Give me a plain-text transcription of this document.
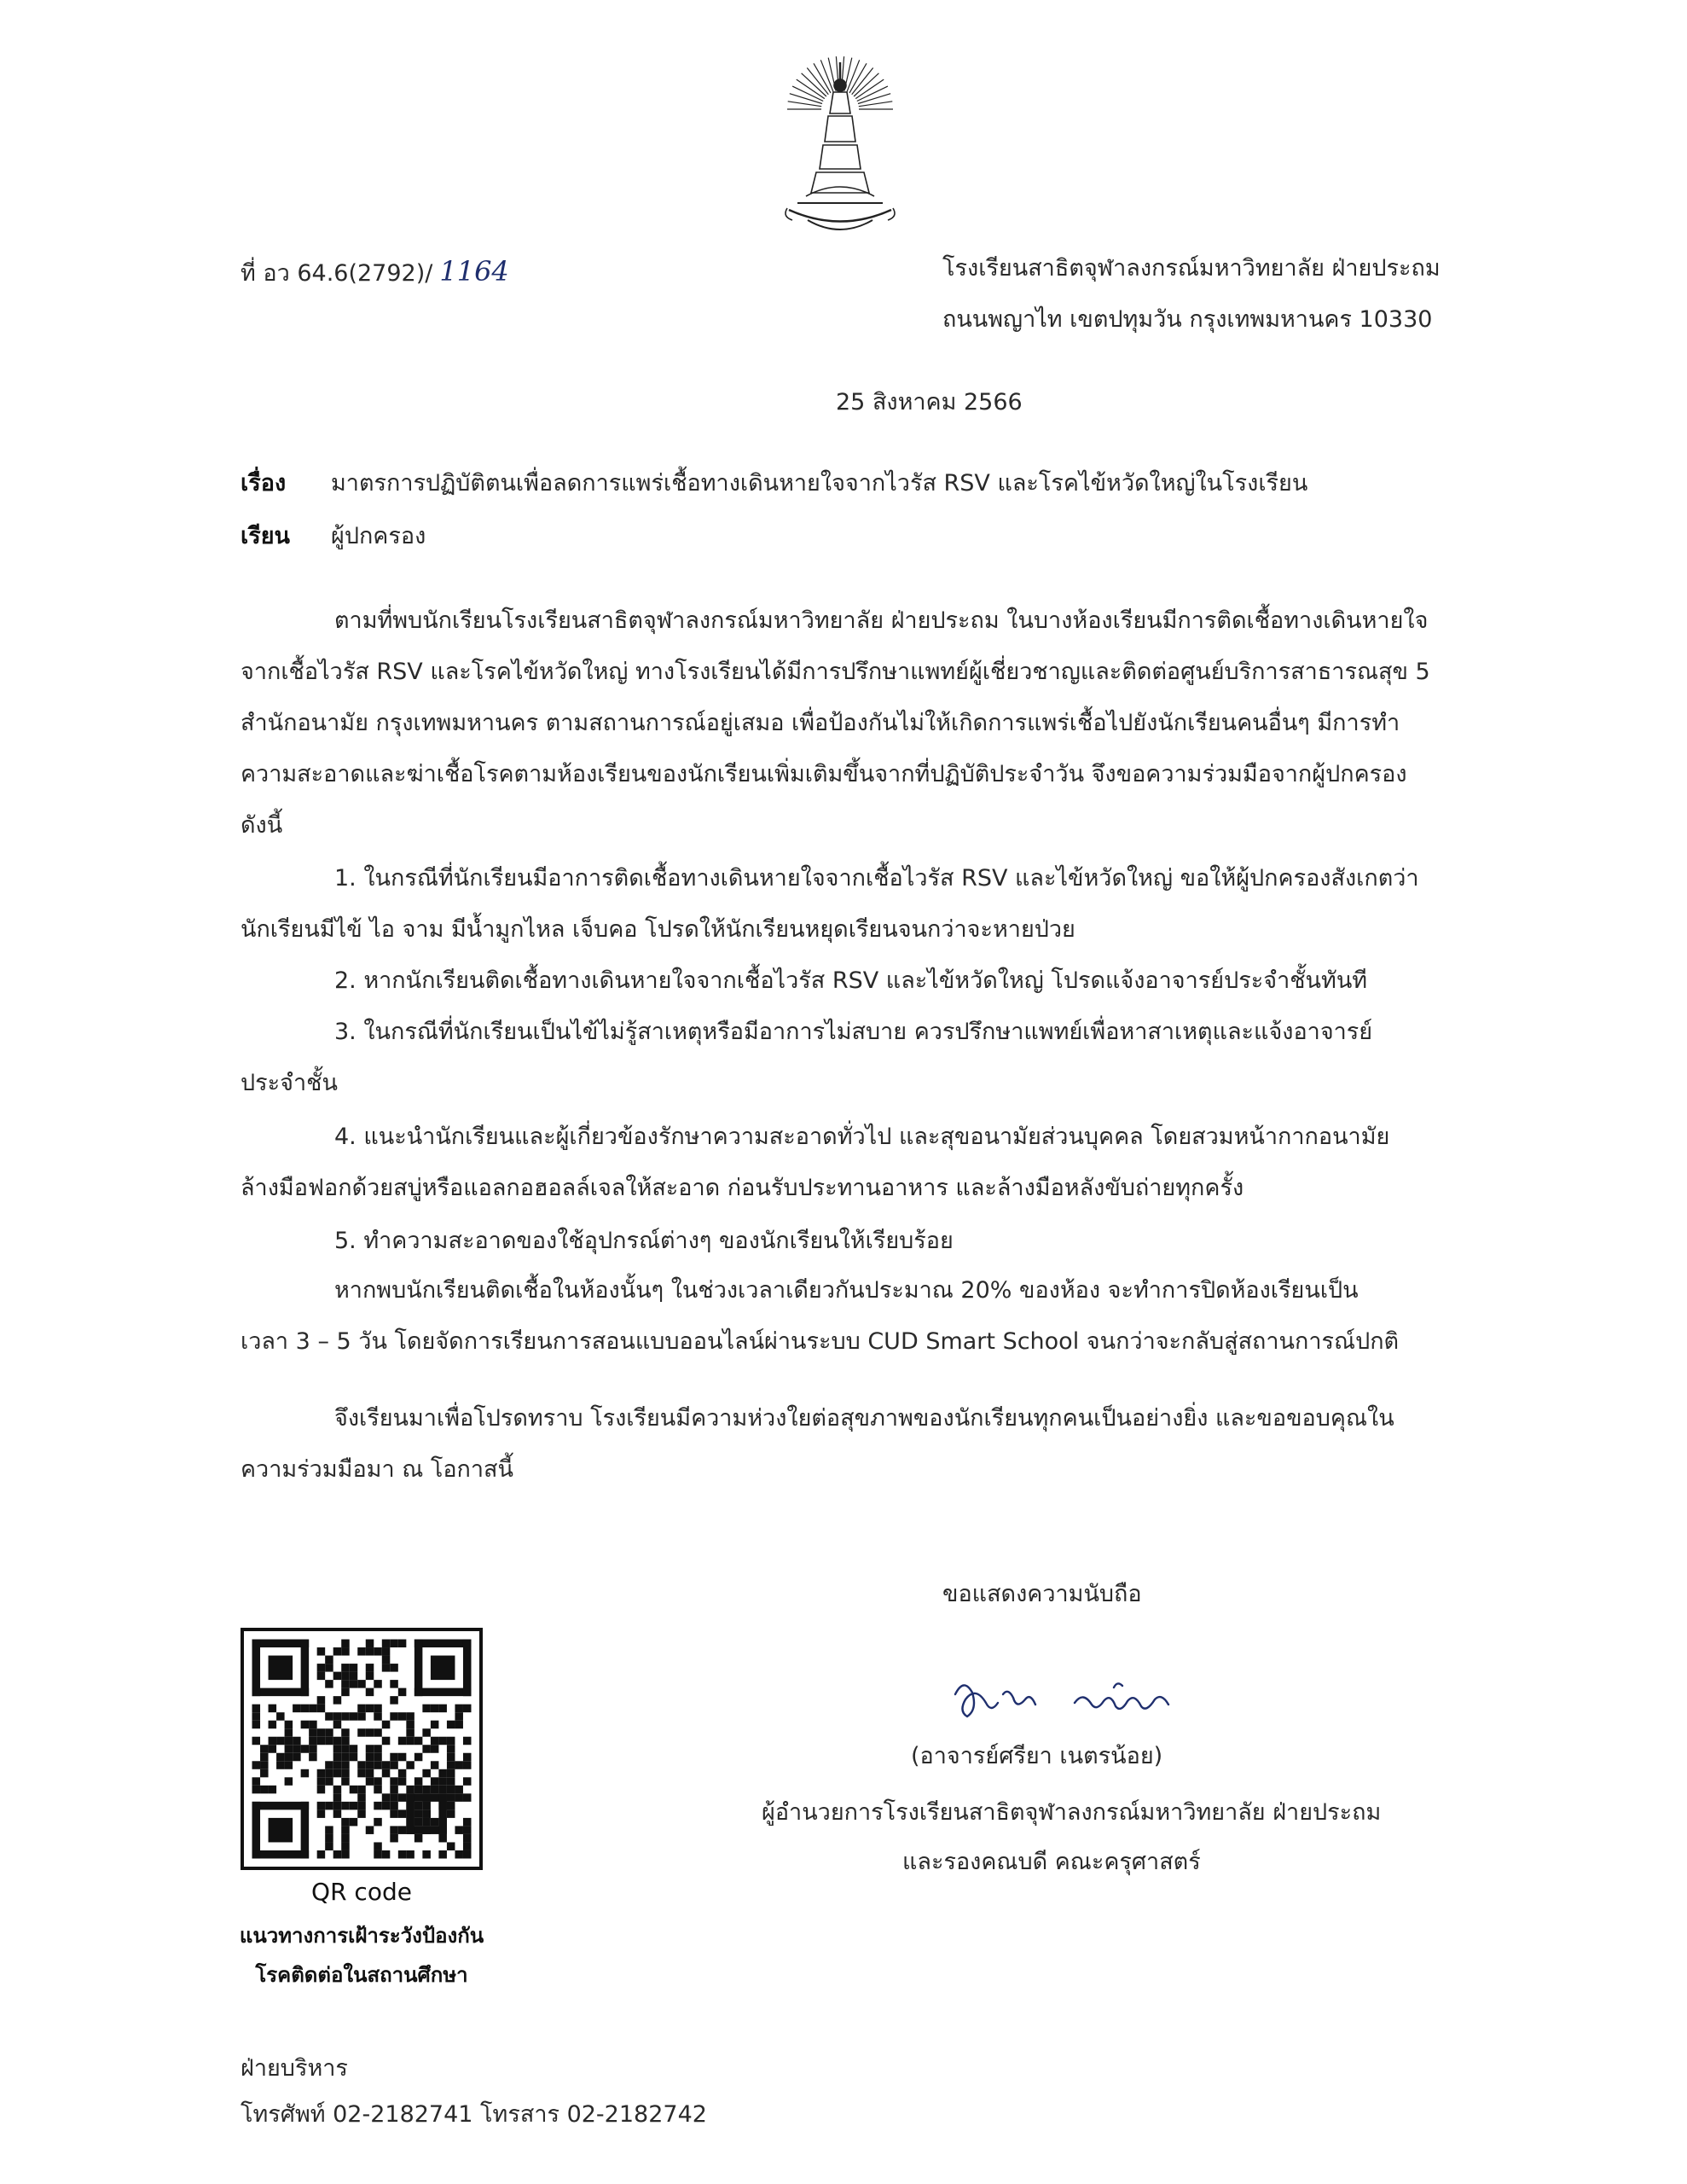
ที่ อว 64.6(2792)/ 1164	โรงเรียนสาธิตจุฬาลงกรณ์มหาวิทยาลัย ฝ่ายประถม
ถนนพญาไท เขตปทุมวัน กรุงเทพมหานคร 10330
25 สิงหาคม 2566
เรื่อง มาตรการปฏิบัติตนเพื่อลดการแพร่เชื้อทางเดินหายใจจากไวรัส RSV และโรคไข้หวัดใหญ่ในโรงเรียน
เรียน ผู้ปกครอง
ตามที่พบนักเรียนโรงเรียนสาธิตจุฬาลงกรณ์มหาวิทยาลัย ฝ่ายประถม ในบางห้องเรียนมีการติดเชื้อทางเดินหายใจ
จากเชื้อไวรัส RSV และโรคไข้หวัดใหญ่ ทางโรงเรียนได้มีการปรึกษาแพทย์ผู้เชี่ยวชาญและติดต่อศูนย์บริการสาธารณสุข 5
สำนักอนามัย กรุงเทพมหานคร ตามสถานการณ์อยู่เสมอ เพื่อป้องกันไม่ให้เกิดการแพร่เชื้อไปยังนักเรียนคนอื่นๆ มีการทำ
ความสะอาดและฆ่าเชื้อโรคตามห้องเรียนของนักเรียนเพิ่มเติมขึ้นจากที่ปฏิบัติประจำวัน จึงขอความร่วมมือจากผู้ปกครอง
ดังนี้
1. ในกรณีที่นักเรียนมีอาการติดเชื้อทางเดินหายใจจากเชื้อไวรัส RSV และไข้หวัดใหญ่ ขอให้ผู้ปกครองสังเกตว่า
นักเรียนมีไข้ ไอ จาม มีน้ำมูกไหล เจ็บคอ โปรดให้นักเรียนหยุดเรียนจนกว่าจะหายป่วย
2. หากนักเรียนติดเชื้อทางเดินหายใจจากเชื้อไวรัส RSV และไข้หวัดใหญ่ โปรดแจ้งอาจารย์ประจำชั้นทันที
3. ในกรณีที่นักเรียนเป็นไข้ไม่รู้สาเหตุหรือมีอาการไม่สบาย ควรปรึกษาแพทย์เพื่อหาสาเหตุและแจ้งอาจารย์
ประจำชั้น
4. แนะนำนักเรียนและผู้เกี่ยวข้องรักษาความสะอาดทั่วไป และสุขอนามัยส่วนบุคคล โดยสวมหน้ากากอนามัย
ล้างมือฟอกด้วยสบู่หรือแอลกอฮอลล์เจลให้สะอาด ก่อนรับประทานอาหาร และล้างมือหลังขับถ่ายทุกครั้ง
5. ทำความสะอาดของใช้อุปกรณ์ต่างๆ ของนักเรียนให้เรียบร้อย
หากพบนักเรียนติดเชื้อในห้องนั้นๆ ในช่วงเวลาเดียวกันประมาณ 20% ของห้อง จะทำการปิดห้องเรียนเป็น
เวลา 3 – 5 วัน โดยจัดการเรียนการสอนแบบออนไลน์ผ่านระบบ CUD Smart School จนกว่าจะกลับสู่สถานการณ์ปกติ
จึงเรียนมาเพื่อโปรดทราบ โรงเรียนมีความห่วงใยต่อสุขภาพของนักเรียนทุกคนเป็นอย่างยิ่ง และขอขอบคุณใน
ความร่วมมือมา ณ โอกาสนี้
ขอแสดงความนับถือ
(อาจารย์ศรียา เนตรน้อย)
ผู้อำนวยการโรงเรียนสาธิตจุฬาลงกรณ์มหาวิทยาลัย ฝ่ายประถม
และรองคณบดี คณะครุศาสตร์
QR code
แนวทางการเฝ้าระวังป้องกัน
โรคติดต่อในสถานศึกษา
ฝ่ายบริหาร
โทรศัพท์ 02-2182741 โทรสาร 02-2182742
